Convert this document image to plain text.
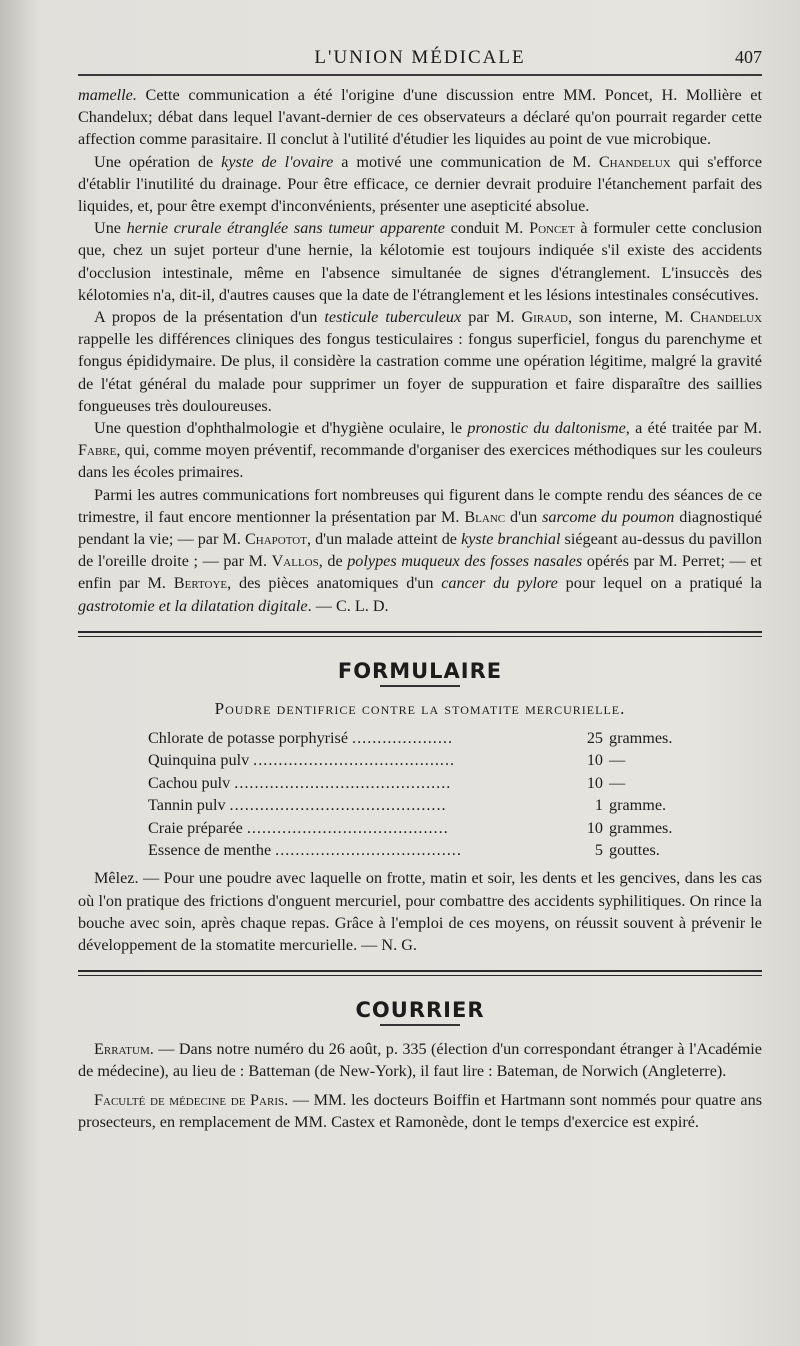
L'UNION MÉDICALE	407

mamelle. Cette communication a été l'origine d'une discussion entre MM. Poncet, H. Mollière et Chandelux; débat dans lequel l'avant-dernier de ces observateurs a déclaré qu'on pourrait regarder cette affection comme parasitaire. Il conclut à l'utilité d'étudier les liquides au point de vue microbique.

Une opération de kyste de l'ovaire a motivé une communication de M. Chandelux qui s'efforce d'établir l'inutilité du drainage. Pour être efficace, ce dernier devrait produire l'étanchement parfait des liquides, et, pour être exempt d'inconvénients, présenter une asepticité absolue.

Une hernie crurale étranglée sans tumeur apparente conduit M. Poncet à formuler cette conclusion que, chez un sujet porteur d'une hernie, la kélotomie est toujours indiquée s'il existe des accidents d'occlusion intestinale, même en l'absence simultanée de signes d'étranglement. L'insuccès des kélotomies n'a, dit-il, d'autres causes que la date de l'étranglement et les lésions intestinales consécutives.

A propos de la présentation d'un testicule tuberculeux par M. Giraud, son interne, M. Chandelux rappelle les différences cliniques des fongus testiculaires : fongus superficiel, fongus du parenchyme et fongus épididymaire. De plus, il considère la castration comme une opération légitime, malgré la gravité de l'état général du malade pour supprimer un foyer de suppuration et faire disparaître des saillies fongueuses très douloureuses.

Une question d'ophthalmologie et d'hygiène oculaire, le pronostic du daltonisme, a été traitée par M. Fabre, qui, comme moyen préventif, recommande d'organiser des exercices méthodiques sur les couleurs dans les écoles primaires.

Parmi les autres communications fort nombreuses qui figurent dans le compte rendu des séances de ce trimestre, il faut encore mentionner la présentation par M. Blanc d'un sarcome du poumon diagnostiqué pendant la vie; — par M. Chapotot, d'un malade atteint de kyste branchial siégeant au-dessus du pavillon de l'oreille droite ; — par M. Vallos, de polypes muqueux des fosses nasales opérés par M. Perret; — et enfin par M. Bertoye, des pièces anatomiques d'un cancer du pylore pour lequel on a pratiqué la gastrotomie et la dilatation digitale. — C. L. D.

FORMULAIRE
Poudre dentifrice contre la stomatite mercurielle.
Chlorate de potasse porphyrisé ....................	25 grammes.
Quinquina pulv ........................................	10 —
Cachou pulv ...........................................	10 —
Tannin pulv ...........................................	1 gramme.
Craie préparée ........................................	10 grammes.
Essence de menthe .....................................	5 gouttes.

Mêlez. — Pour une poudre avec laquelle on frotte, matin et soir, les dents et les gencives, dans les cas où l'on pratique des frictions d'onguent mercuriel, pour combattre des accidents syphilitiques. On rince la bouche avec soin, après chaque repas. Grâce à l'emploi de ces moyens, on réussit souvent à prévenir le développement de la stomatite mercurielle. — N. G.

COURRIER

Erratum. — Dans notre numéro du 26 août, p. 335 (élection d'un correspondant étranger à l'Académie de médecine), au lieu de : Batteman (de New-York), il faut lire : Bateman, de Norwich (Angleterre).

Faculté de médecine de Paris. — MM. les docteurs Boiffin et Hartmann sont nommés pour quatre ans prosecteurs, en remplacement de MM. Castex et Ramonède, dont le temps d'exercice est expiré.
